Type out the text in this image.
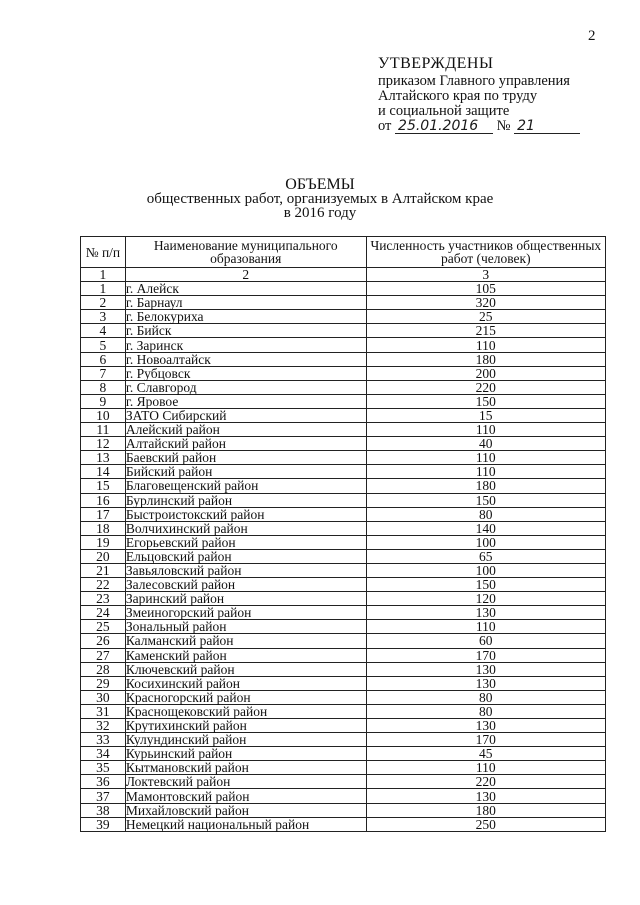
2
УТВЕРЖДЕНЫ
приказом Главного управления
Алтайского края по труду
и социальной защите
от 25.01.2016 № 21
ОБЪЕМЫ
общественных работ, организуемых в Алтайском крае
в 2016 году
№ п/п	Наименование муниципального образования	Численность участников общественных работ (человек)
1	2	3
1	г. Алейск	105
2	г. Барнаул	320
3	г. Белокуриха	25
4	г. Бийск	215
5	г. Заринск	110
6	г. Новоалтайск	180
7	г. Рубцовск	200
8	г. Славгород	220
9	г. Яровое	150
10	ЗАТО Сибирский	15
11	Алейский район	110
12	Алтайский район	40
13	Баевский район	110
14	Бийский район	110
15	Благовещенский район	180
16	Бурлинский район	150
17	Быстроистокский район	80
18	Волчихинский район	140
19	Егорьевский район	100
20	Ельцовский район	65
21	Завьяловский район	100
22	Залесовский район	150
23	Заринский район	120
24	Змеиногорский район	130
25	Зональный район	110
26	Калманский район	60
27	Каменский район	170
28	Ключевский район	130
29	Косихинский район	130
30	Красногорский район	80
31	Краснощековский район	80
32	Крутихинский район	130
33	Кулундинский район	170
34	Курьинский район	45
35	Кытмановский район	110
36	Локтевский район	220
37	Мамонтовский район	130
38	Михайловский район	180
39	Немецкий национальный район	250
